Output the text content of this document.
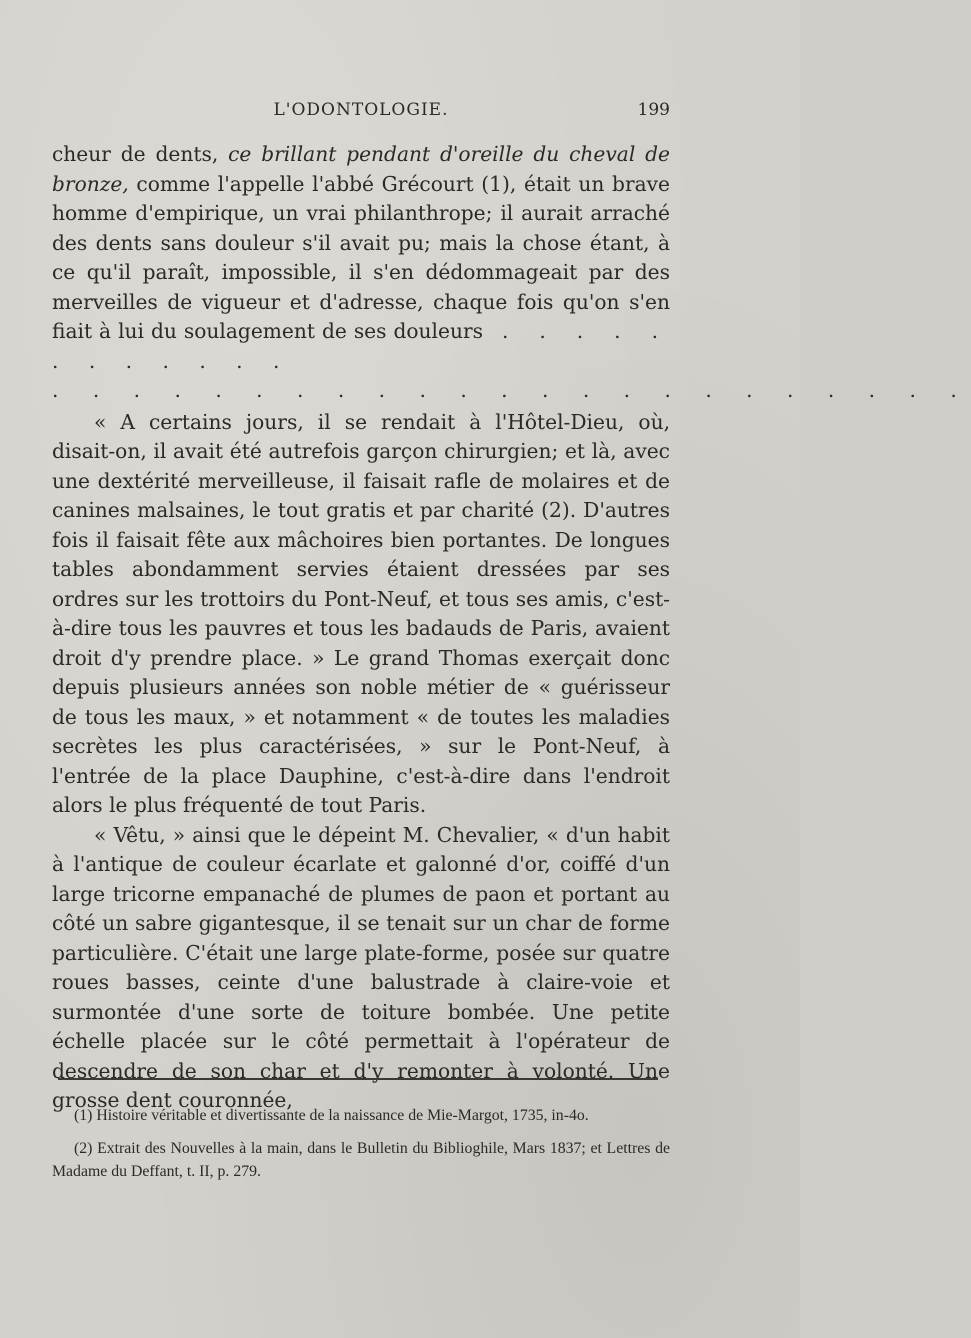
L'ODONTOLOGIE.	199

cheur de dents, ce brillant pendant d'oreille du cheval de bronze, comme l'appelle l'abbé Grécourt (1), était un brave homme d'empirique, un vrai philanthrope; il aurait arraché des dents sans douleur s'il avait pu; mais la chose étant, à ce qu'il paraît, impossible, il s'en dédommageait par des merveilles de vigueur et d'adresse, chaque fois qu'on s'en fiait à lui du soulagement de ses douleurs . . . . . . . . . . . .

. . . . . . . . . . . . . . . . . . . . . . .

« A certains jours, il se rendait à l'Hôtel-Dieu, où, disait-on, il avait été autrefois garçon chirurgien; et là, avec une dextérité merveilleuse, il faisait rafle de molaires et de canines malsaines, le tout gratis et par charité (2). D'autres fois il faisait fête aux mâchoires bien portantes. De longues tables abondamment servies étaient dressées par ses ordres sur les trottoirs du Pont-Neuf, et tous ses amis, c'est-à-dire tous les pauvres et tous les badauds de Paris, avaient droit d'y prendre place. » Le grand Thomas exerçait donc depuis plusieurs années son noble métier de « guérisseur de tous les maux, » et notamment « de toutes les maladies secrètes les plus caractérisées, » sur le Pont-Neuf, à l'entrée de la place Dauphine, c'est-à-dire dans l'endroit alors le plus fréquenté de tout Paris.

« Vêtu, » ainsi que le dépeint M. Chevalier, « d'un habit à l'antique de couleur écarlate et galonné d'or, coiffé d'un large tricorne empanaché de plumes de paon et portant au côté un sabre gigantesque, il se tenait sur un char de forme particulière. C'était une large plate-forme, posée sur quatre roues basses, ceinte d'une balustrade à claire-voie et surmontée d'une sorte de toiture bombée. Une petite échelle placée sur le côté permettait à l'opérateur de descendre de son char et d'y remonter à volonté. Une grosse dent couronnée,

(1) Histoire véritable et divertissante de la naissance de Mie-Margot, 1735, in-4o.

(2) Extrait des Nouvelles à la main, dans le Bulletin du Biblioghile, Mars 1837; et Lettres de Madame du Deffant, t. II, p. 279.
